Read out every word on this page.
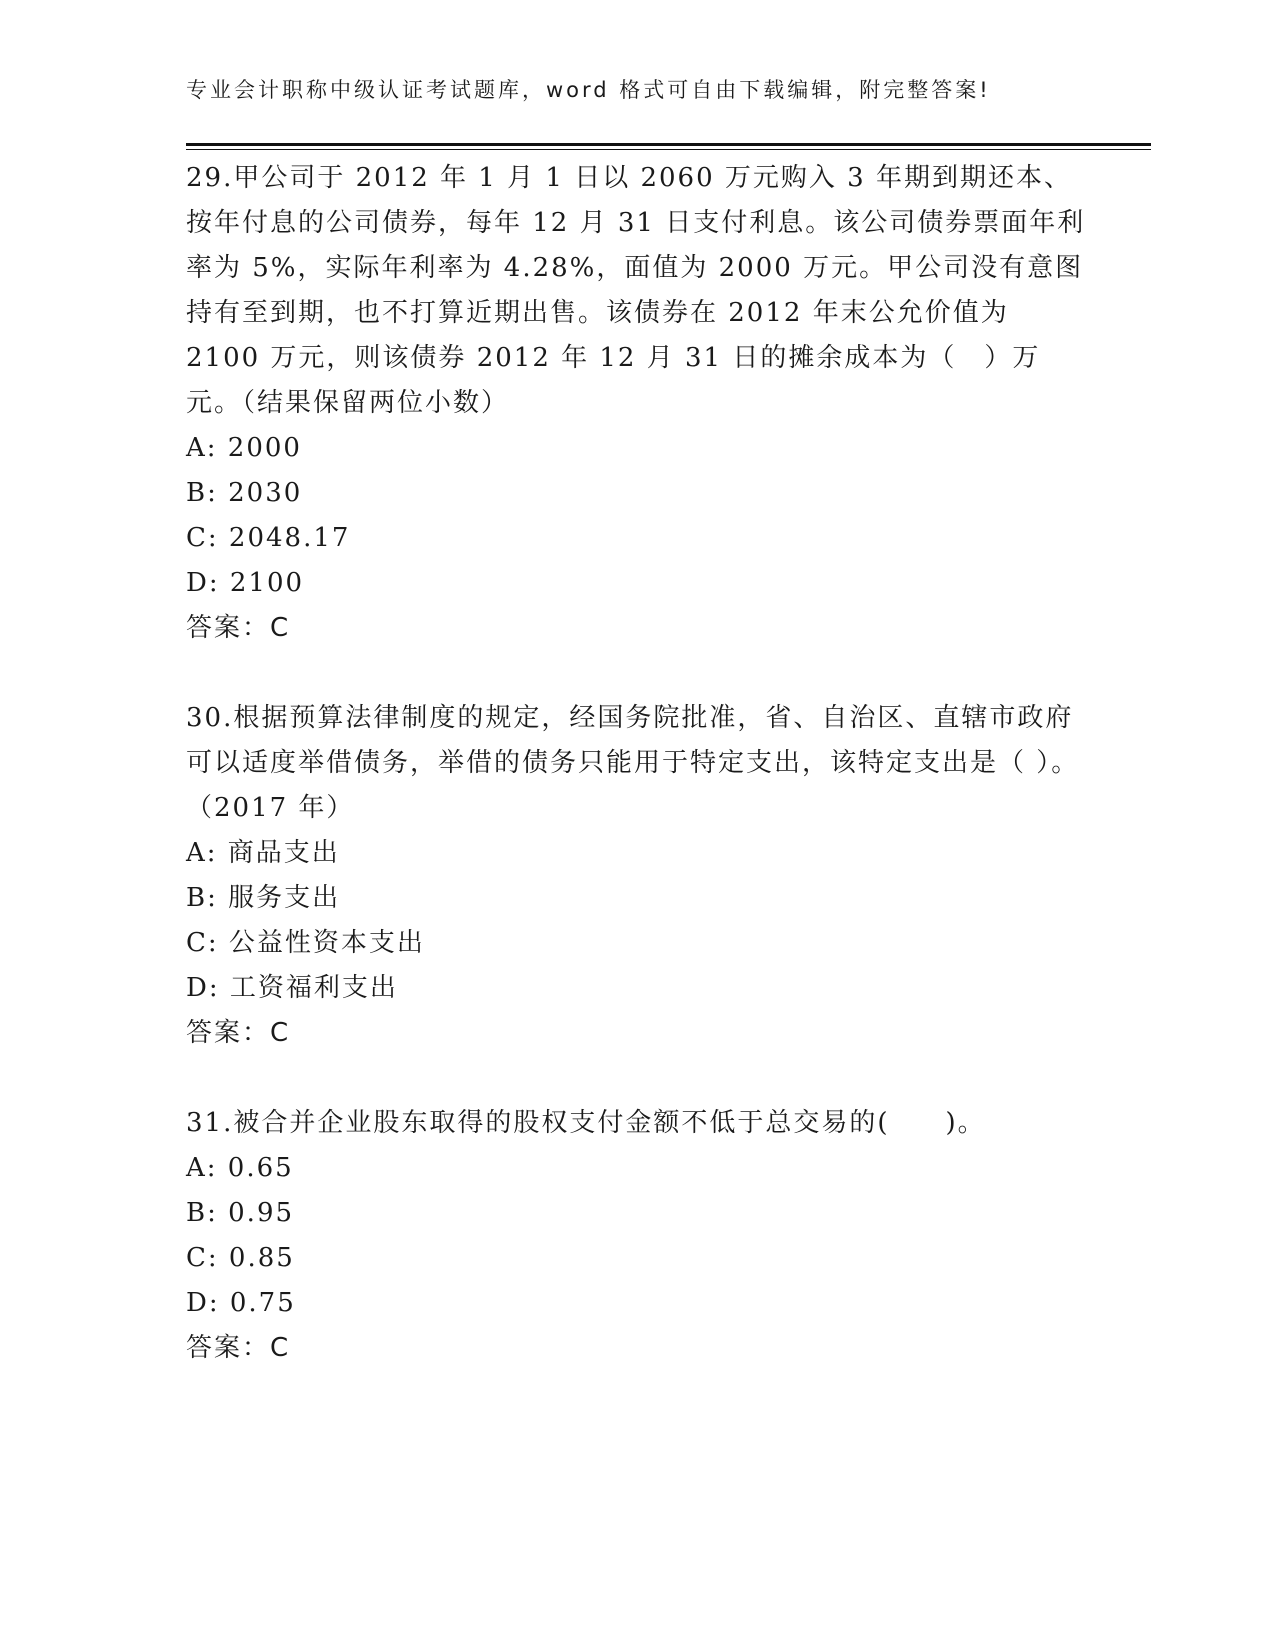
专业会计职称中级认证考试题库，word 格式可自由下载编辑，附完整答案!

29.甲公司于 2012 年 1 月 1 日以 2060 万元购入 3 年期到期还本、按年付息的公司债券，每年 12 月 31 日支付利息。该公司债券票面年利率为 5%，实际年利率为 4.28%，面值为 2000 万元。甲公司没有意图持有至到期，也不打算近期出售。该债券在 2012 年末公允价值为 2100 万元，则该债券 2012 年 12 月 31 日的摊余成本为（　）万元。（结果保留两位小数）

A: 2000

B: 2030

C: 2048.17

D: 2100

答案：C

30.根据预算法律制度的规定，经国务院批准，省、自治区、直辖市政府可以适度举借债务，举借的债务只能用于特定支出，该特定支出是（ ）。（2017 年）

A: 商品支出

B: 服务支出

C: 公益性资本支出

D: 工资福利支出

答案：C

31.被合并企业股东取得的股权支付金额不低于总交易的(　　)。

A: 0.65

B: 0.95

C: 0.85

D: 0.75

答案：C
